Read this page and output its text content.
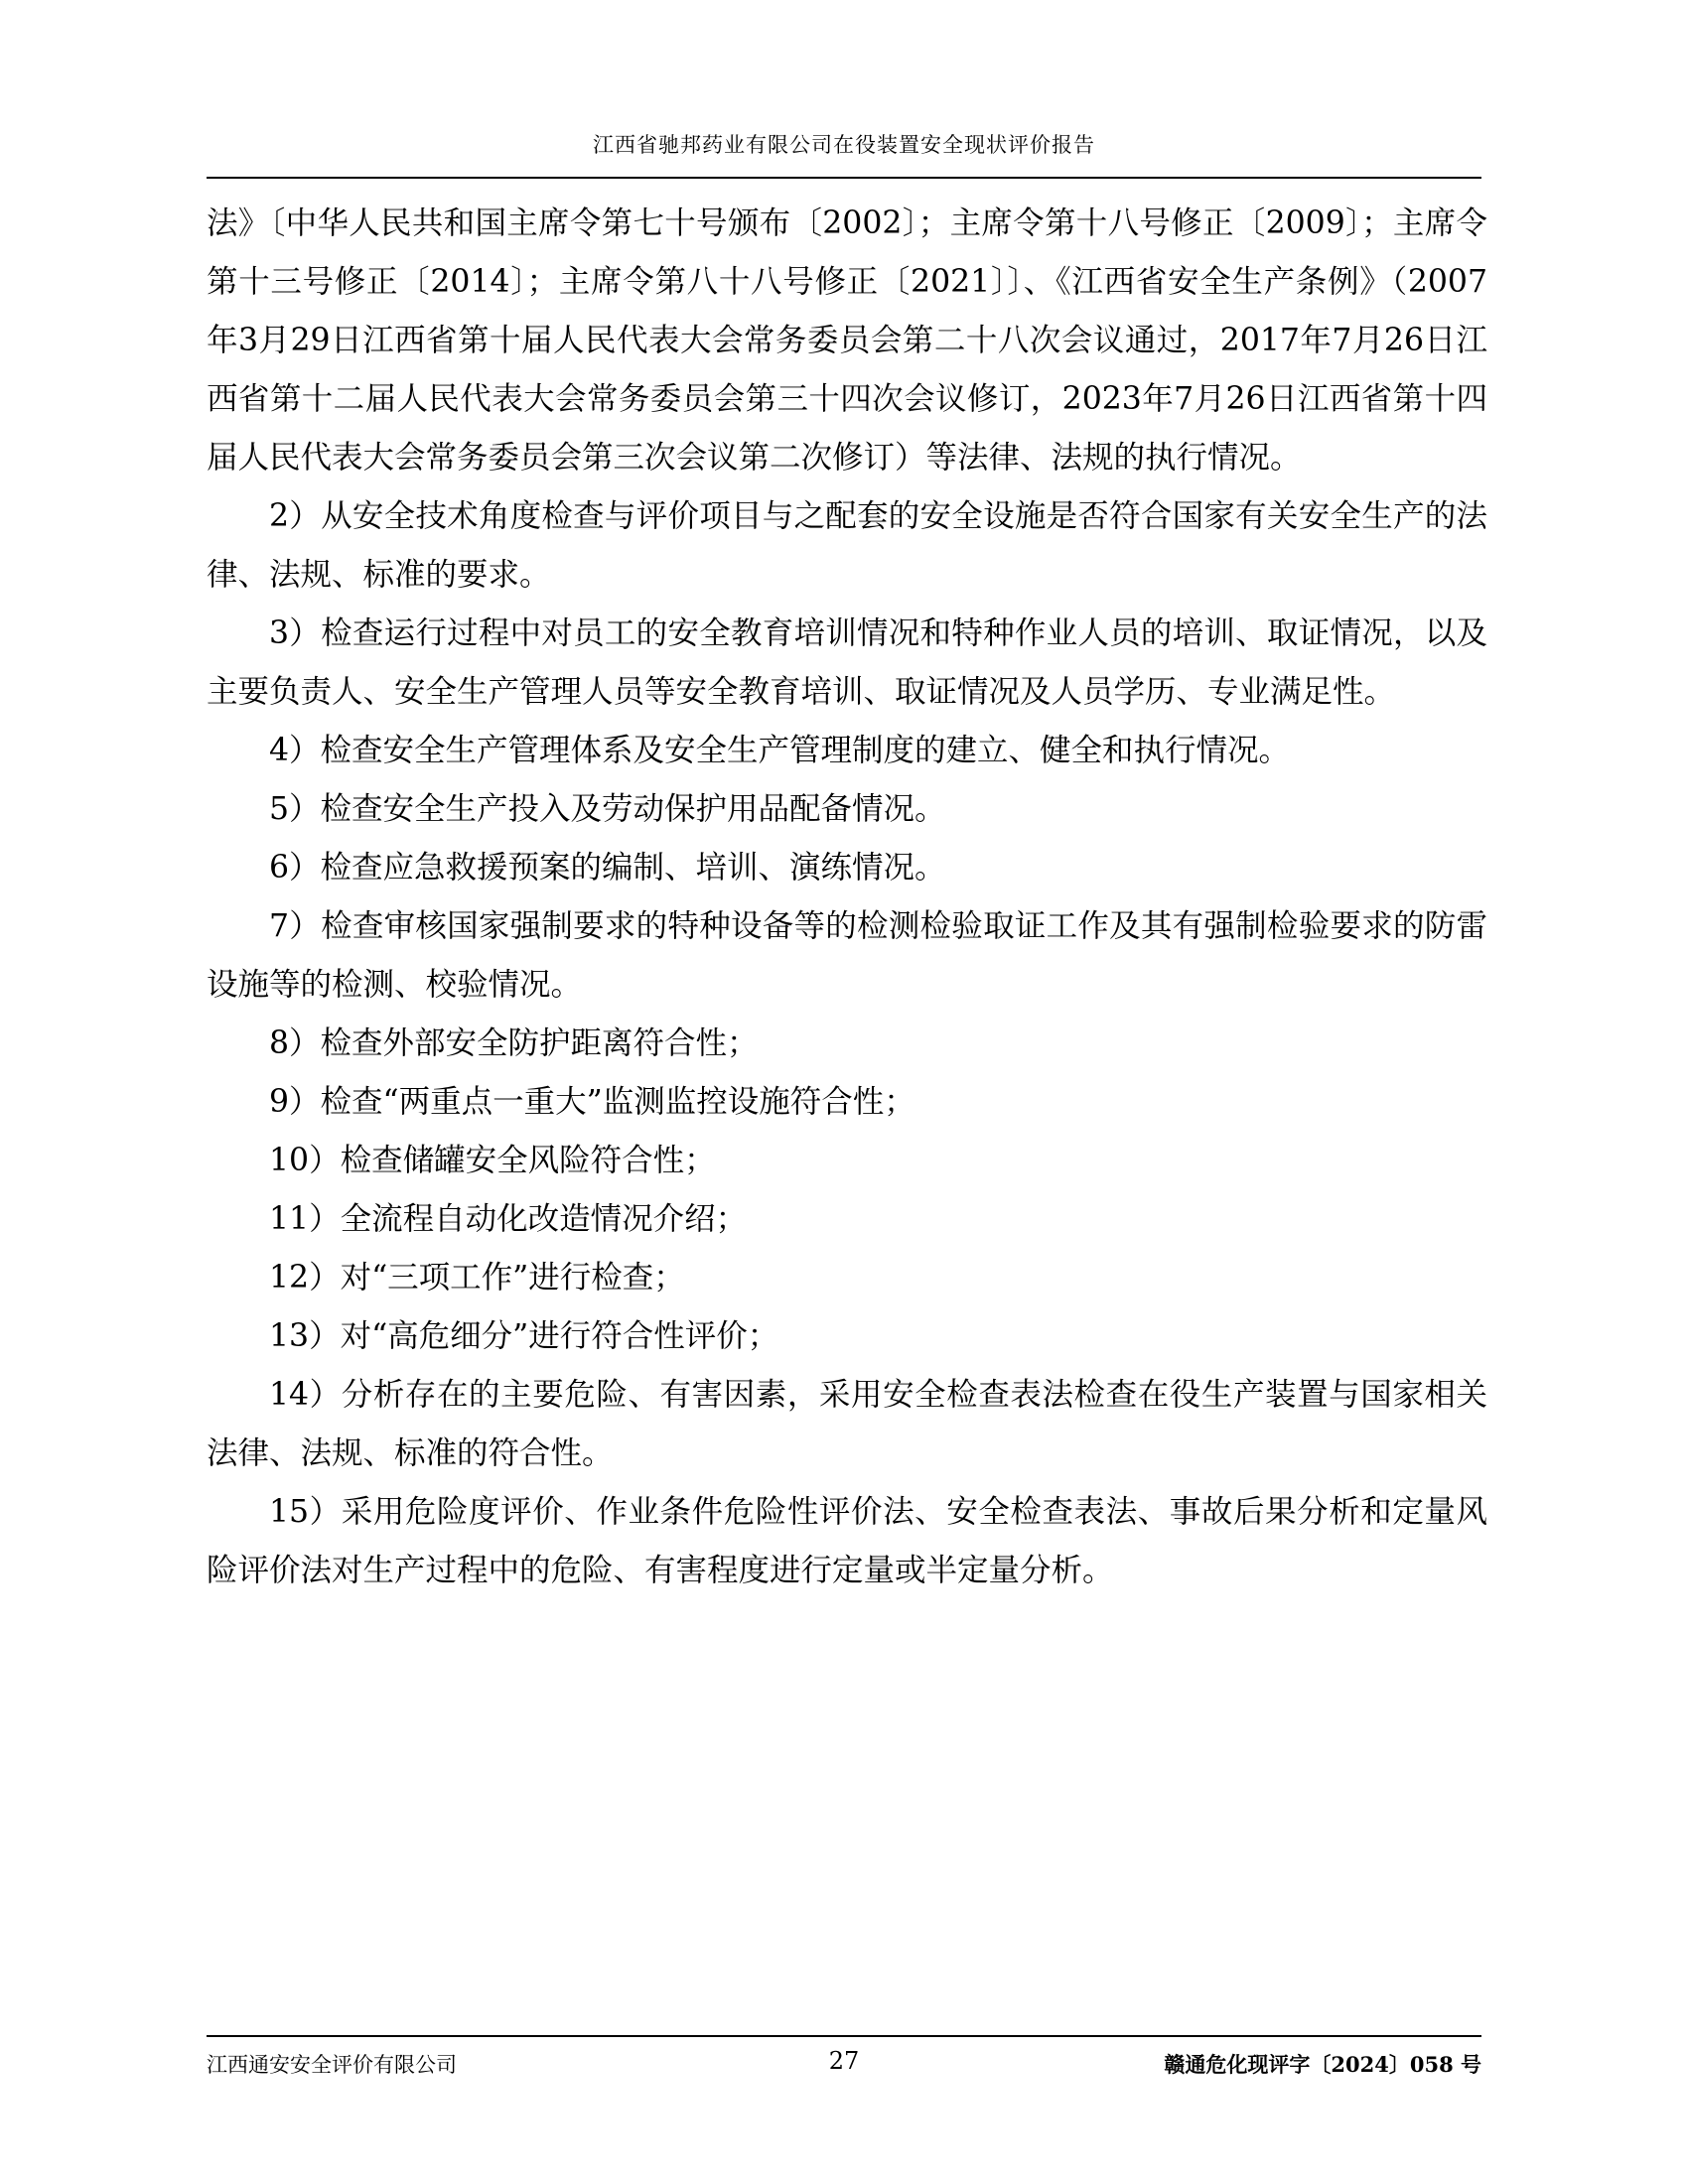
江西省驰邦药业有限公司在役装置安全现状评价报告

法》〔中华人民共和国主席令第七十号颁布〔2002〕；主席令第十八号修正〔2009〕；主席令第十三号修正〔2014〕；主席令第八十八号修正〔2021〕〕、《江西省安全生产条例》（2007年3月29日江西省第十届人民代表大会常务委员会第二十八次会议通过，2017年7月26日江西省第十二届人民代表大会常务委员会第三十四次会议修订，2023年7月26日江西省第十四届人民代表大会常务委员会第三次会议第二次修订）等法律、法规的执行情况。

2）从安全技术角度检查与评价项目与之配套的安全设施是否符合国家有关安全生产的法律、法规、标准的要求。

3）检查运行过程中对员工的安全教育培训情况和特种作业人员的培训、取证情况，以及主要负责人、安全生产管理人员等安全教育培训、取证情况及人员学历、专业满足性。

4）检查安全生产管理体系及安全生产管理制度的建立、健全和执行情况。

5）检查安全生产投入及劳动保护用品配备情况。

6）检查应急救援预案的编制、培训、演练情况。

7）检查审核国家强制要求的特种设备等的检测检验取证工作及其有强制检验要求的防雷设施等的检测、校验情况。

8）检查外部安全防护距离符合性；

9）检查“两重点一重大”监测监控设施符合性；

10）检查储罐安全风险符合性；

11）全流程自动化改造情况介绍；

12）对“三项工作”进行检查；

13）对“高危细分”进行符合性评价；

14）分析存在的主要危险、有害因素，采用安全检查表法检查在役生产装置与国家相关法律、法规、标准的符合性。

15）采用危险度评价、作业条件危险性评价法、安全检查表法、事故后果分析和定量风险评价法对生产过程中的危险、有害程度进行定量或半定量分析。

江西通安安全评价有限公司	27	赣通危化现评字〔2024〕058 号
